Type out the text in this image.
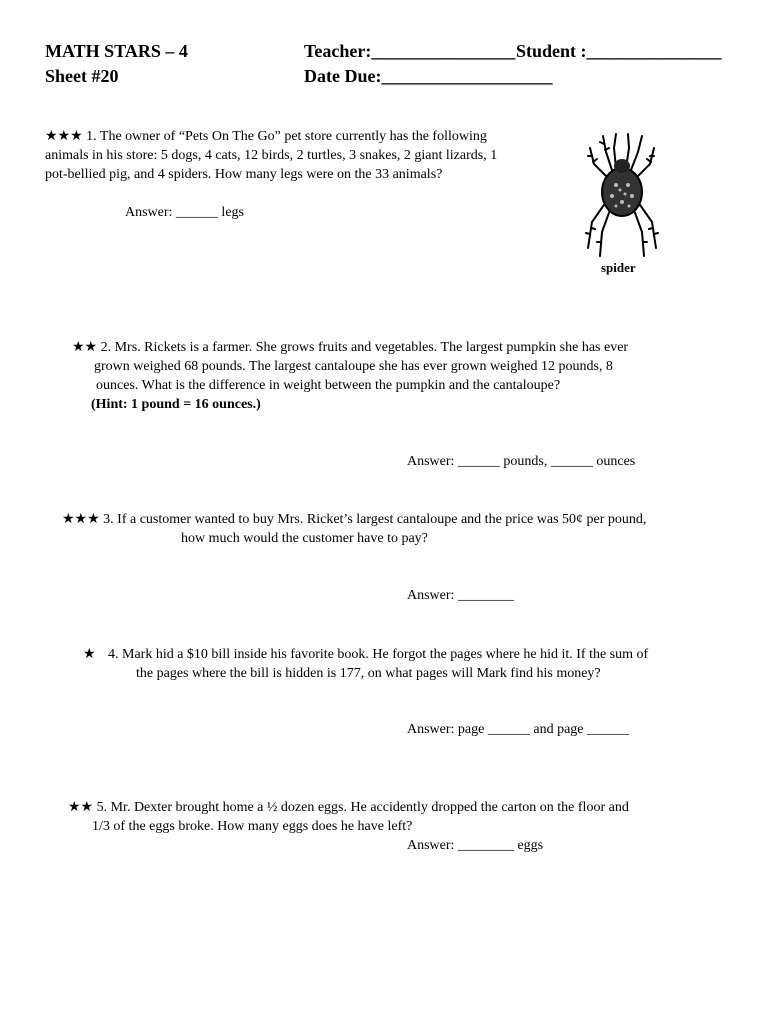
MATH STARS – 4
Sheet #20
Teacher:________________ Student :_______________
Date Due:___________________
★★★ 1. The owner of “Pets On The Go” pet store currently has the following
animals in his store: 5 dogs, 4 cats, 12 birds, 2 turtles, 3 snakes, 2 giant lizards, 1
pot-bellied pig, and 4 spiders. How many legs were on the 33 animals?
Answer: ______ legs
spider
★★ 2. Mrs. Rickets is a farmer. She grows fruits and vegetables. The largest pumpkin she has ever
grown weighed 68 pounds. The largest cantaloupe she has ever grown weighed 12 pounds, 8
ounces. What is the difference in weight between the pumpkin and the cantaloupe?
(Hint: 1 pound = 16 ounces.)
Answer: ______ pounds, ______ ounces
★★★ 3. If a customer wanted to buy Mrs. Ricket’s largest cantaloupe and the price was 50¢ per pound,
how much would the customer have to pay?
Answer: ________
★ 4. Mark hid a $10 bill inside his favorite book. He forgot the pages where he hid it. If the sum of
the pages where the bill is hidden is 177, on what pages will Mark find his money?
Answer: page ______ and page ______
★★ 5. Mr. Dexter brought home a ½ dozen eggs. He accidently dropped the carton on the floor and
1/3 of the eggs broke. How many eggs does he have left?
Answer: ________ eggs
